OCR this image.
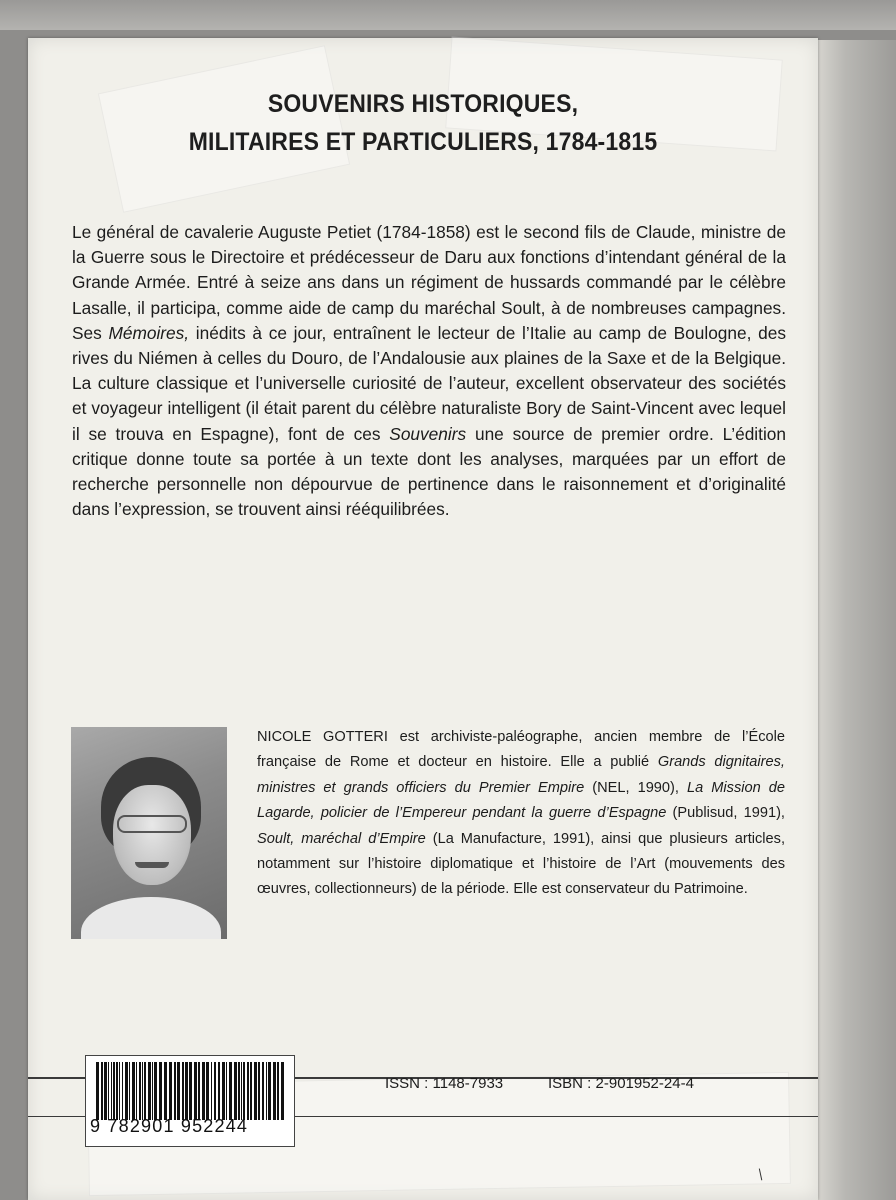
SOUVENIRS HISTORIQUES,
MILITAIRES ET PARTICULIERS, 1784-1815

Le général de cavalerie Auguste Petiet (1784-1858) est le second fils de Claude, ministre de la Guerre sous le Directoire et prédécesseur de Daru aux fonctions d’intendant général de la Grande Armée. Entré à seize ans dans un régiment de hussards commandé par le célèbre Lasalle, il participa, comme aide de camp du maréchal Soult, à de nombreuses campagnes. Ses Mémoires, inédits à ce jour, entraînent le lecteur de l’Italie au camp de Boulogne, des rives du Niémen à celles du Douro, de l’Andalousie aux plaines de la Saxe et de la Belgique. La culture classique et l’universelle curiosité de l’auteur, excellent observateur des sociétés et voyageur intelligent (il était parent du célèbre naturaliste Bory de Saint-Vincent avec lequel il se trouva en Espagne), font de ces Souvenirs une source de premier ordre. L’édition critique donne toute sa portée à un texte dont les analyses, marquées par un effort de recherche personnelle non dépourvue de pertinence dans le raisonnement et d’originalité dans l’expression, se trouvent ainsi rééquilibrées.

NICOLE GOTTERI est archiviste-paléographe, ancien membre de l’École française de Rome et docteur en histoire. Elle a publié Grands dignitaires, ministres et grands officiers du Premier Empire (NEL, 1990), La Mission de Lagarde, policier de l’Empereur pendant la guerre d’Espagne (Publisud, 1991), Soult, maréchal d’Empire (La Manufacture, 1991), ainsi que plusieurs articles, notamment sur l’histoire diplomatique et l’histoire de l’Art (mouvements des œuvres, collectionneurs) de la période. Elle est conservateur du Patrimoine.

9 782901 952244
ISSN : 1148-7933	ISBN : 2-901952-24-4
